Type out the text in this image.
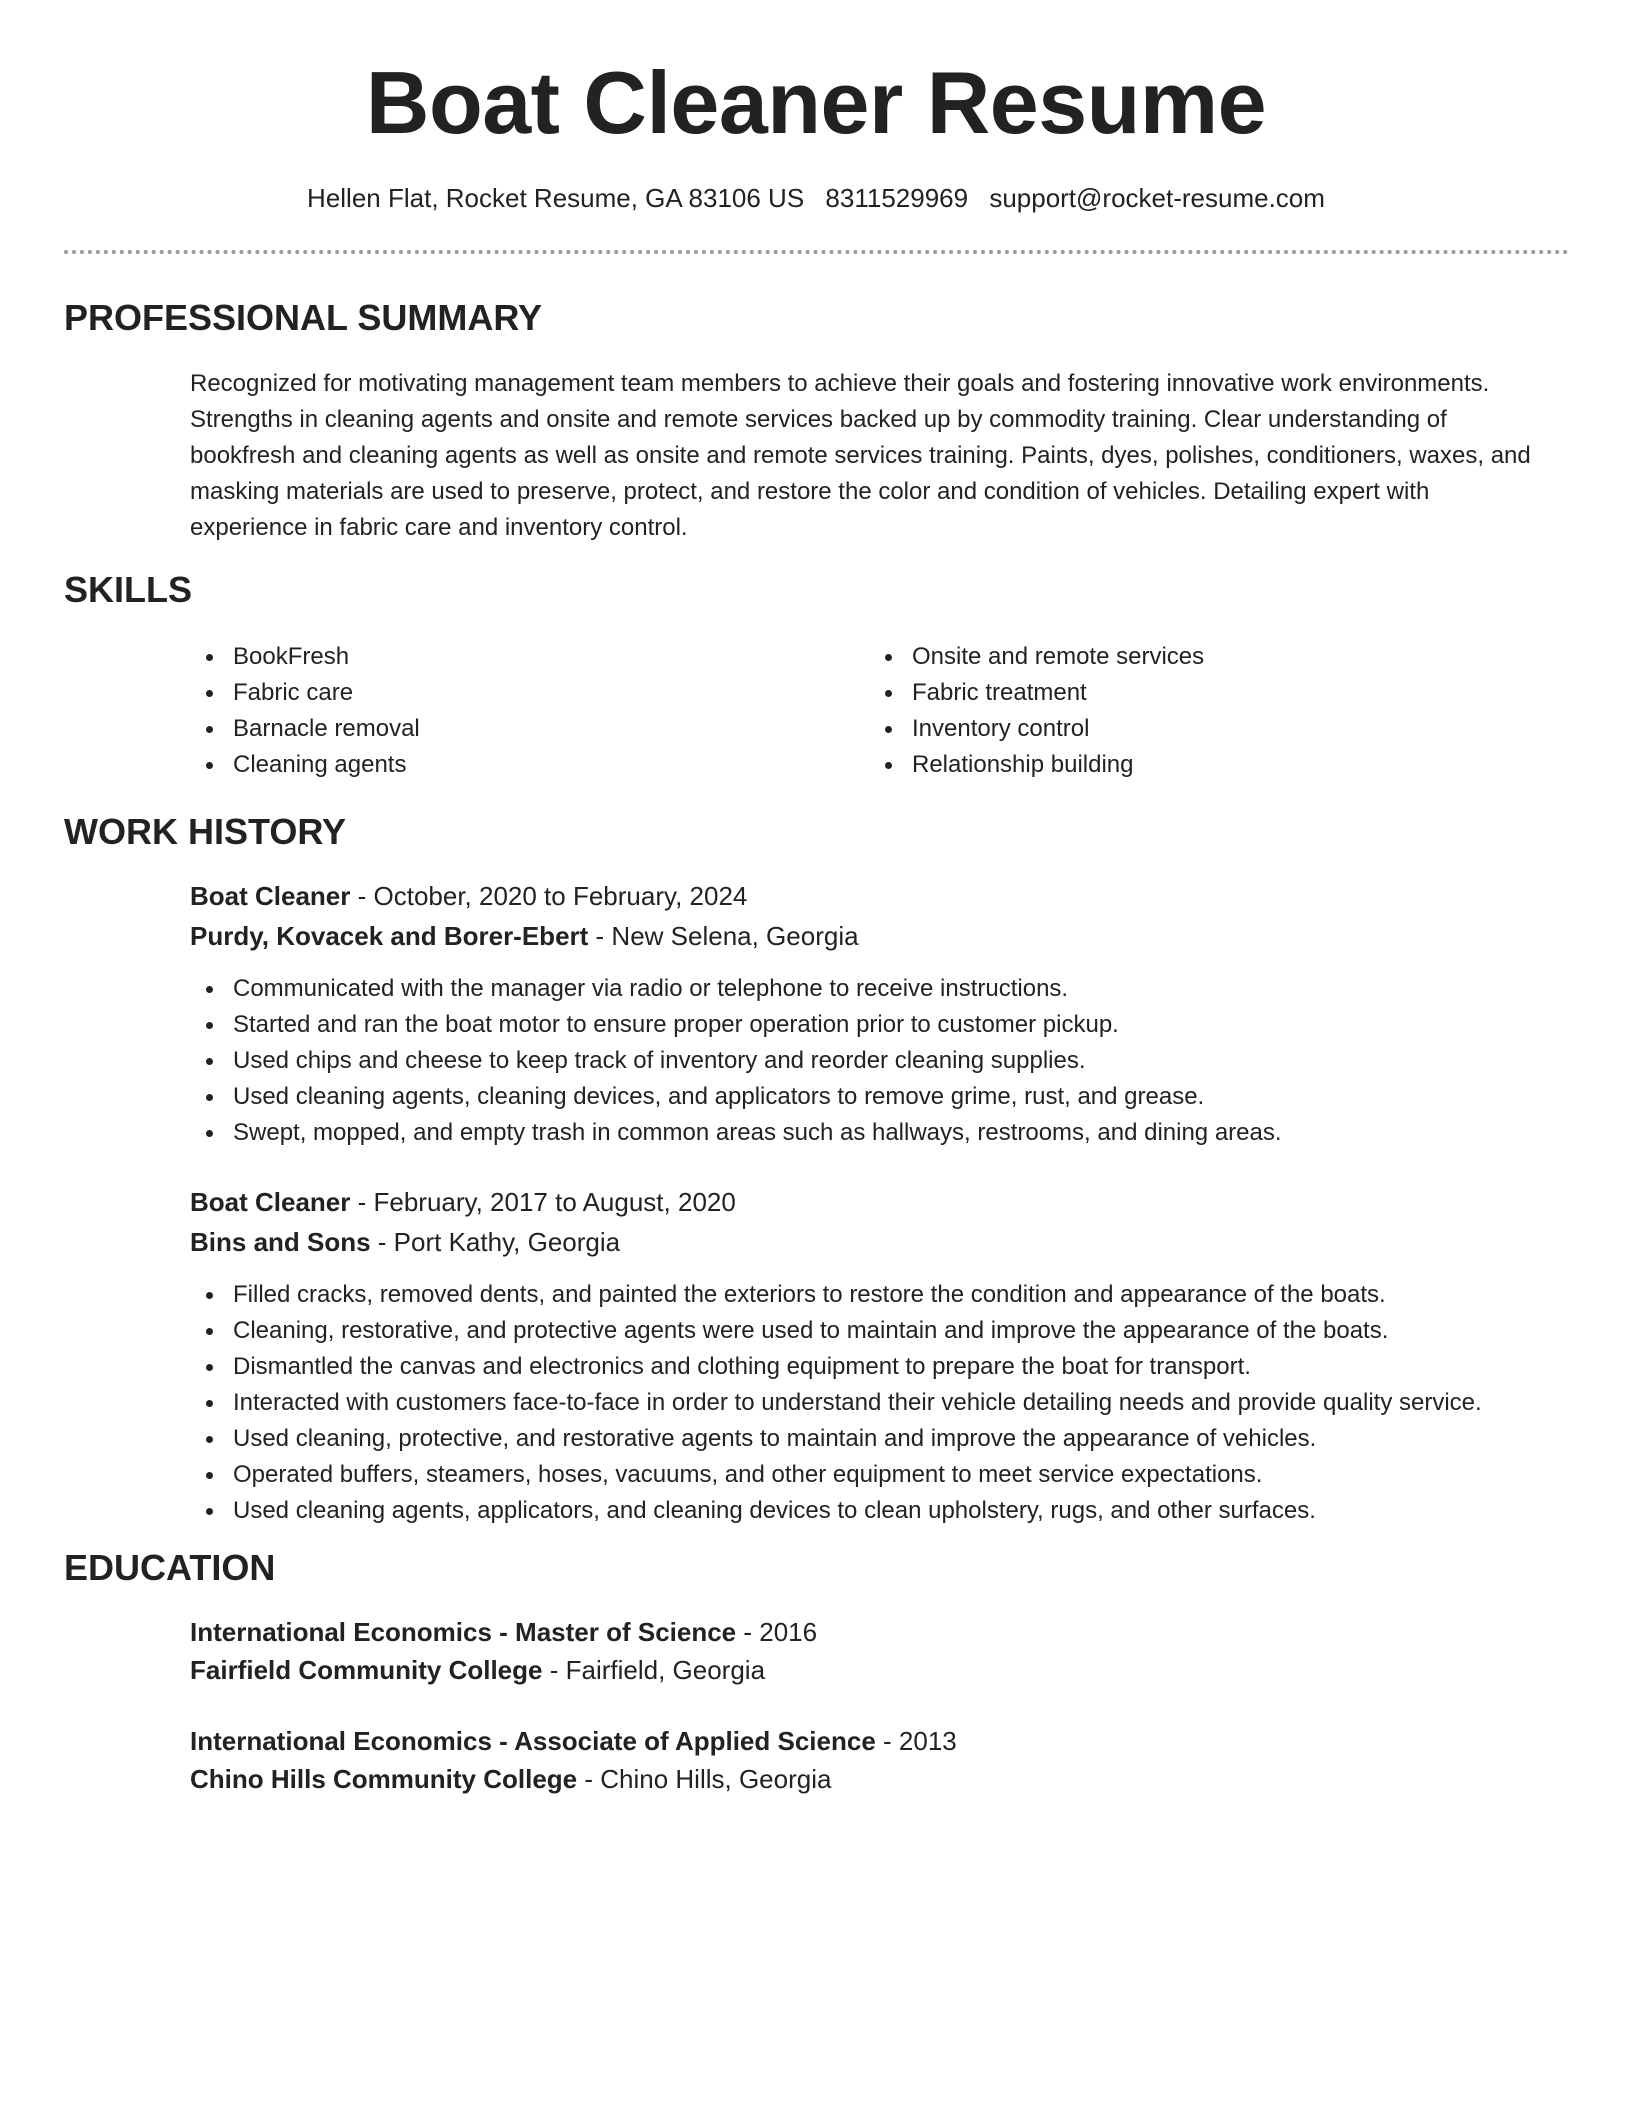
Boat Cleaner Resume
Hellen Flat, Rocket Resume, GA 83106 US 8311529969 support@rocket-resume.com
PROFESSIONAL SUMMARY

Recognized for motivating management team members to achieve their goals and fostering innovative work environments. Strengths in cleaning agents and onsite and remote services backed up by commodity training. Clear understanding of bookfresh and cleaning agents as well as onsite and remote services training. Paints, dyes, polishes, conditioners, waxes, and masking materials are used to preserve, protect, and restore the color and condition of vehicles. Detailing expert with experience in fabric care and inventory control.

SKILLS
BookFresh
Fabric care
Barnacle removal
Cleaning agents
Onsite and remote services
Fabric treatment
Inventory control
Relationship building
WORK HISTORY
Boat Cleaner - October, 2020 to February, 2024
Purdy, Kovacek and Borer-Ebert - New Selena, Georgia
Communicated with the manager via radio or telephone to receive instructions.
Started and ran the boat motor to ensure proper operation prior to customer pickup.
Used chips and cheese to keep track of inventory and reorder cleaning supplies.
Used cleaning agents, cleaning devices, and applicators to remove grime, rust, and grease.
Swept, mopped, and empty trash in common areas such as hallways, restrooms, and dining areas.
Boat Cleaner - February, 2017 to August, 2020
Bins and Sons - Port Kathy, Georgia
Filled cracks, removed dents, and painted the exteriors to restore the condition and appearance of the boats.
Cleaning, restorative, and protective agents were used to maintain and improve the appearance of the boats.
Dismantled the canvas and electronics and clothing equipment to prepare the boat for transport.
Interacted with customers face-to-face in order to understand their vehicle detailing needs and provide quality service.
Used cleaning, protective, and restorative agents to maintain and improve the appearance of vehicles.
Operated buffers, steamers, hoses, vacuums, and other equipment to meet service expectations.
Used cleaning agents, applicators, and cleaning devices to clean upholstery, rugs, and other surfaces.
EDUCATION
International Economics - Master of Science - 2016
Fairfield Community College - Fairfield, Georgia
International Economics - Associate of Applied Science - 2013
Chino Hills Community College - Chino Hills, Georgia
